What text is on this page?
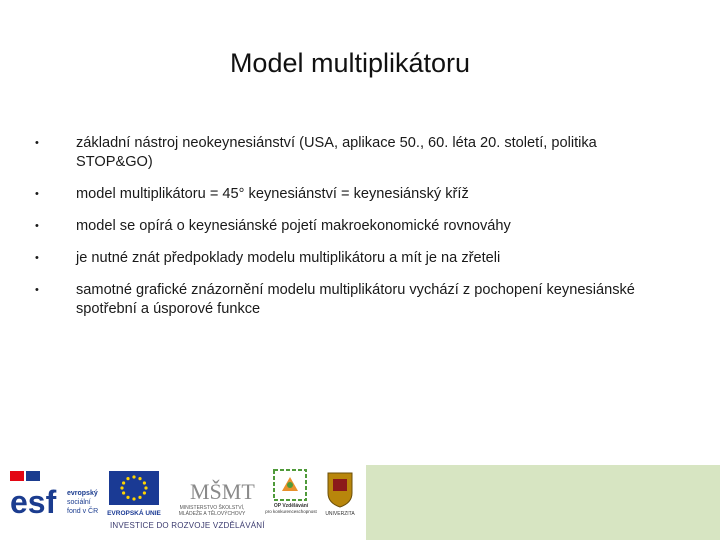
Model multiplikátoru
•	základní nástroj neokeynesiánství (USA, aplikace 50., 60. léta 20. století, politika STOP&GO)
•	model multiplikátoru = 45° keynesiánství = keynesiánský kříž
•	model se opírá o keynesiánské pojetí makroekonomické rovnováhy
•	je nutné znát předpoklady modelu multiplikátoru a mít je na zřeteli
•	samotné grafické znázornění modelu multiplikátoru vychází z pochopení keynesiánské spotřební a úsporové funkce
esf evropský
sociální
fond v ČR EVROPSKÁ UNIE
MŠMT
MINISTERSTVO ŠKOLSTVÍ,
MLÁDEŽE A TĚLOVÝCHOVY
OP Vzdělávání
pro konkurenceschopnost UNIVERZITA
INVESTICE DO ROZVOJE VZDĚLÁVÁNÍ
